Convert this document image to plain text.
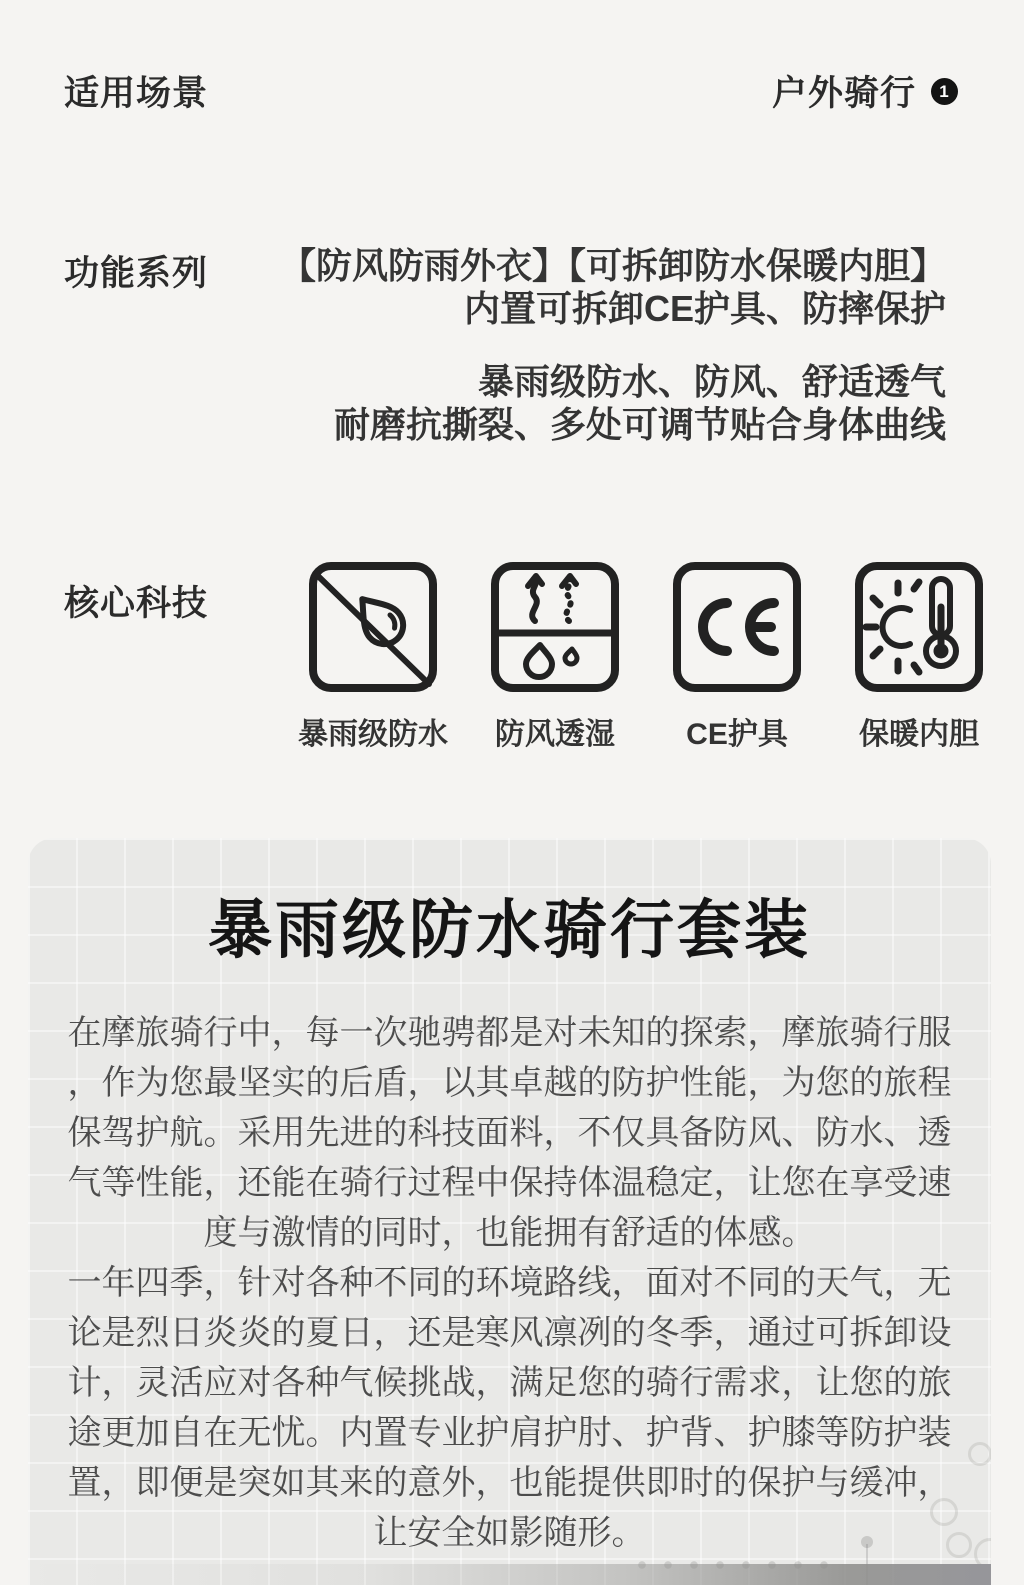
适用场景	户外骑行	1
功能系列 【防风防雨外衣】【可拆卸防水保暖内胆】
内置可拆卸CE护具、防摔保护
暴雨级防水、防风、舒适透气
耐磨抗撕裂、多处可调节贴合身体曲线
核心科技
暴雨级防水 防风透湿 CE护具 保暖内胆
暴雨级防水骑行套装
在摩旅骑行中，每一次驰骋都是对未知的探索，摩旅骑行服
，作为您最坚实的后盾，以其卓越的防护性能，为您的旅程
保驾护航。采用先进的科技面料，不仅具备防风、防水、透
气等性能，还能在骑行过程中保持体温稳定，让您在享受速
度与激情的同时，也能拥有舒适的体感。
一年四季，针对各种不同的环境路线，面对不同的天气，无
论是烈日炎炎的夏日，还是寒风凛冽的冬季，通过可拆卸设
计，灵活应对各种气候挑战，满足您的骑行需求，让您的旅
途更加自在无忧。内置专业护肩护肘、护背、护膝等防护装
置，即便是突如其来的意外，也能提供即时的保护与缓冲，
让安全如影随形。
